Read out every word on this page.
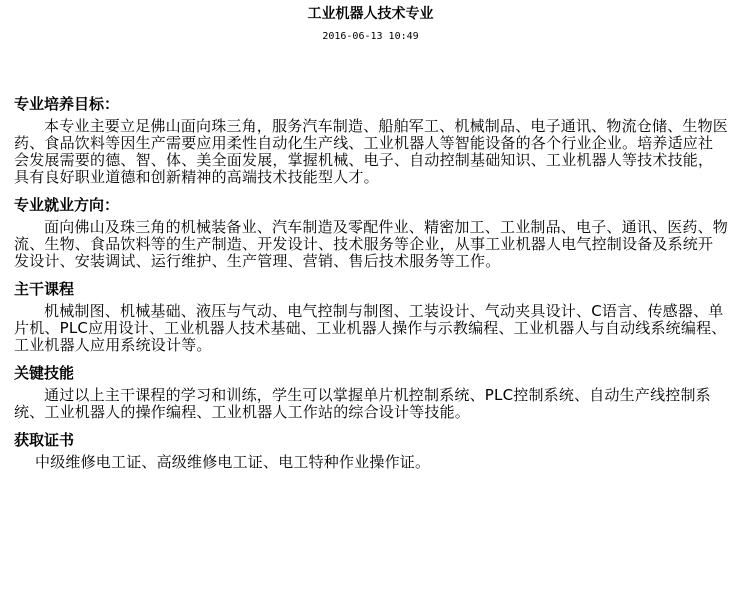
工业机器人技术专业
2016-06-13 10:49
专业培养目标：

本专业主要立足佛山面向珠三角，服务汽车制造、船舶军工、机械制品、电子通讯、物流仓储、生物医药、食品饮料等因生产需要应用柔性自动化生产线、工业机器人等智能设备的各个行业企业。培养适应社会发展需要的德、智、体、美全面发展，掌握机械、电子、自动控制基础知识、工业机器人等技术技能，具有良好职业道德和创新精神的高端技术技能型人才。

专业就业方向：

面向佛山及珠三角的机械装备业、汽车制造及零配件业、精密加工、工业制品、电子、通讯、医药、物流、生物、食品饮料等的生产制造、开发设计、技术服务等企业，从事工业机器人电气控制设备及系统开发设计、安装调试、运行维护、生产管理、营销、售后技术服务等工作。

主干课程

机械制图、机械基础、液压与气动、电气控制与制图、工装设计、气动夹具设计、C语言、传感器、单片机、PLC应用设计、工业机器人技术基础、工业机器人操作与示教编程、工业机器人与自动线系统编程、工业机器人应用系统设计等。

关键技能

通过以上主干课程的学习和训练，学生可以掌握单片机控制系统、PLC控制系统、自动生产线控制系统、工业机器人的操作编程、工业机器人工作站的综合设计等技能。

获取证书

中级维修电工证、高级维修电工证、电工特种作业操作证。
